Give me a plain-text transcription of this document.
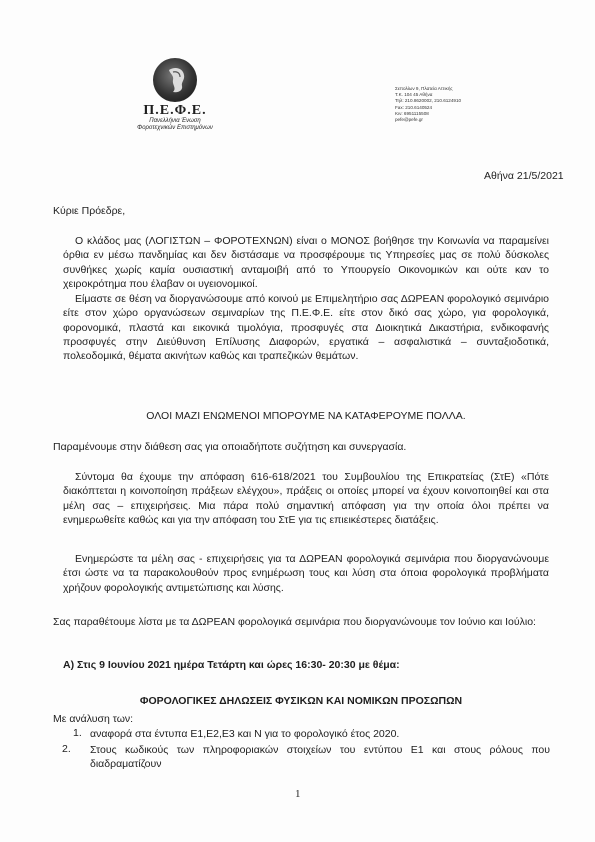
Π.Ε.Φ.Ε.
Πανελλήνια Ένωση
Φοροτεχνικών Επιστημόνων
Σεπολίων 9, Πλατεία Αττικής
Τ.Κ. 104 45 Αθήνα
Τηλ: 210.8620002, 210.6124910
Fax: 210.6140524
Κιν: 6951115508
pefe@pefe.gr
Αθήνα 21/5/2021
Κύριε Πρόεδρε,
Ο κλάδος μας (ΛΟΓΙΣΤΩΝ – ΦΟΡΟΤΕΧΝΩΝ) είναι ο ΜΟΝΟΣ βοήθησε την Κοινωνία να παραμείνει όρθια εν μέσω πανδημίας και δεν διστάσαμε να προσφέρουμε τις Υπηρεσίες μας σε πολύ δύσκολες συνθήκες χωρίς καμία ουσιαστική ανταμοιβή από το Υπουργείο Οικονομικών και ούτε καν το χειροκρότημα που έλαβαν οι υγειονομικοί.
Είμαστε σε θέση να διοργανώσουμε από κοινού με Επιμελητήριο σας ΔΩΡΕΑΝ φορολογικό σεμινάριο είτε στον χώρο οργανώσεων σεμιναρίων της Π.Ε.Φ.Ε. είτε στον δικό σας χώρο, για φορολογικά, φορονομικά, πλαστά και εικονικά τιμολόγια, προσφυγές στα Διοικητικά Δικαστήρια, ενδικοφανής προσφυγές στην Διεύθυνση Επίλυσης Διαφορών, εργατικά – ασφαλιστικά – συνταξιοδοτικά, πολεοδομικά, θέματα ακινήτων καθώς και τραπεζικών θεμάτων.
ΟΛΟΙ ΜΑΖΙ ΕΝΩΜΕΝΟΙ ΜΠΟΡΟΥΜΕ ΝΑ ΚΑΤΑΦΕΡΟΥΜΕ ΠΟΛΛΑ.
Παραμένουμε στην διάθεση σας για οποιαδήποτε συζήτηση και συνεργασία.
Σύντομα θα έχουμε την απόφαση 616-618/2021 του Συμβουλίου της Επικρατείας (ΣτΕ) «Πότε διακόπτεται η κοινοποίηση πράξεων ελέγχου», πράξεις οι οποίες μπορεί να έχουν κοινοποιηθεί και στα μέλη σας – επιχειρήσεις. Μια πάρα πολύ σημαντική απόφαση για την οποία όλοι πρέπει να ενημερωθείτε καθώς και για την απόφαση του ΣτΕ για τις επιεικέστερες διατάξεις.
Ενημερώστε τα μέλη σας - επιχειρήσεις για τα ΔΩΡΕΑΝ φορολογικά σεμινάρια που διοργανώνουμε έτσι ώστε να τα παρακολουθούν προς ενημέρωση τους και λύση στα όποια φορολογικά προβλήματα χρήζουν φορολογικής αντιμετώπισης και λύσης.
Σας παραθέτουμε λίστα με τα ΔΩΡΕΑΝ φορολογικά σεμινάρια που διοργανώνουμε τον Ιούνιο και Ιούλιο:
Α) Στις 9 Ιουνίου 2021 ημέρα Τετάρτη και ώρες 16:30- 20:30 με θέμα:
ΦΟΡΟΛΟΓΙΚΕΣ ΔΗΛΩΣΕΙΣ ΦΥΣΙΚΩΝ ΚΑΙ ΝΟΜΙΚΩΝ ΠΡΟΣΩΠΩΝ
Με ανάλυση των:
1. αναφορά στα έντυπα Ε1,Ε2,Ε3 και Ν για το φορολογικό έτος 2020.
2. Στους κωδικούς των πληροφοριακών στοιχείων του εντύπου Ε1 και στους ρόλους που διαδραματίζουν
1
